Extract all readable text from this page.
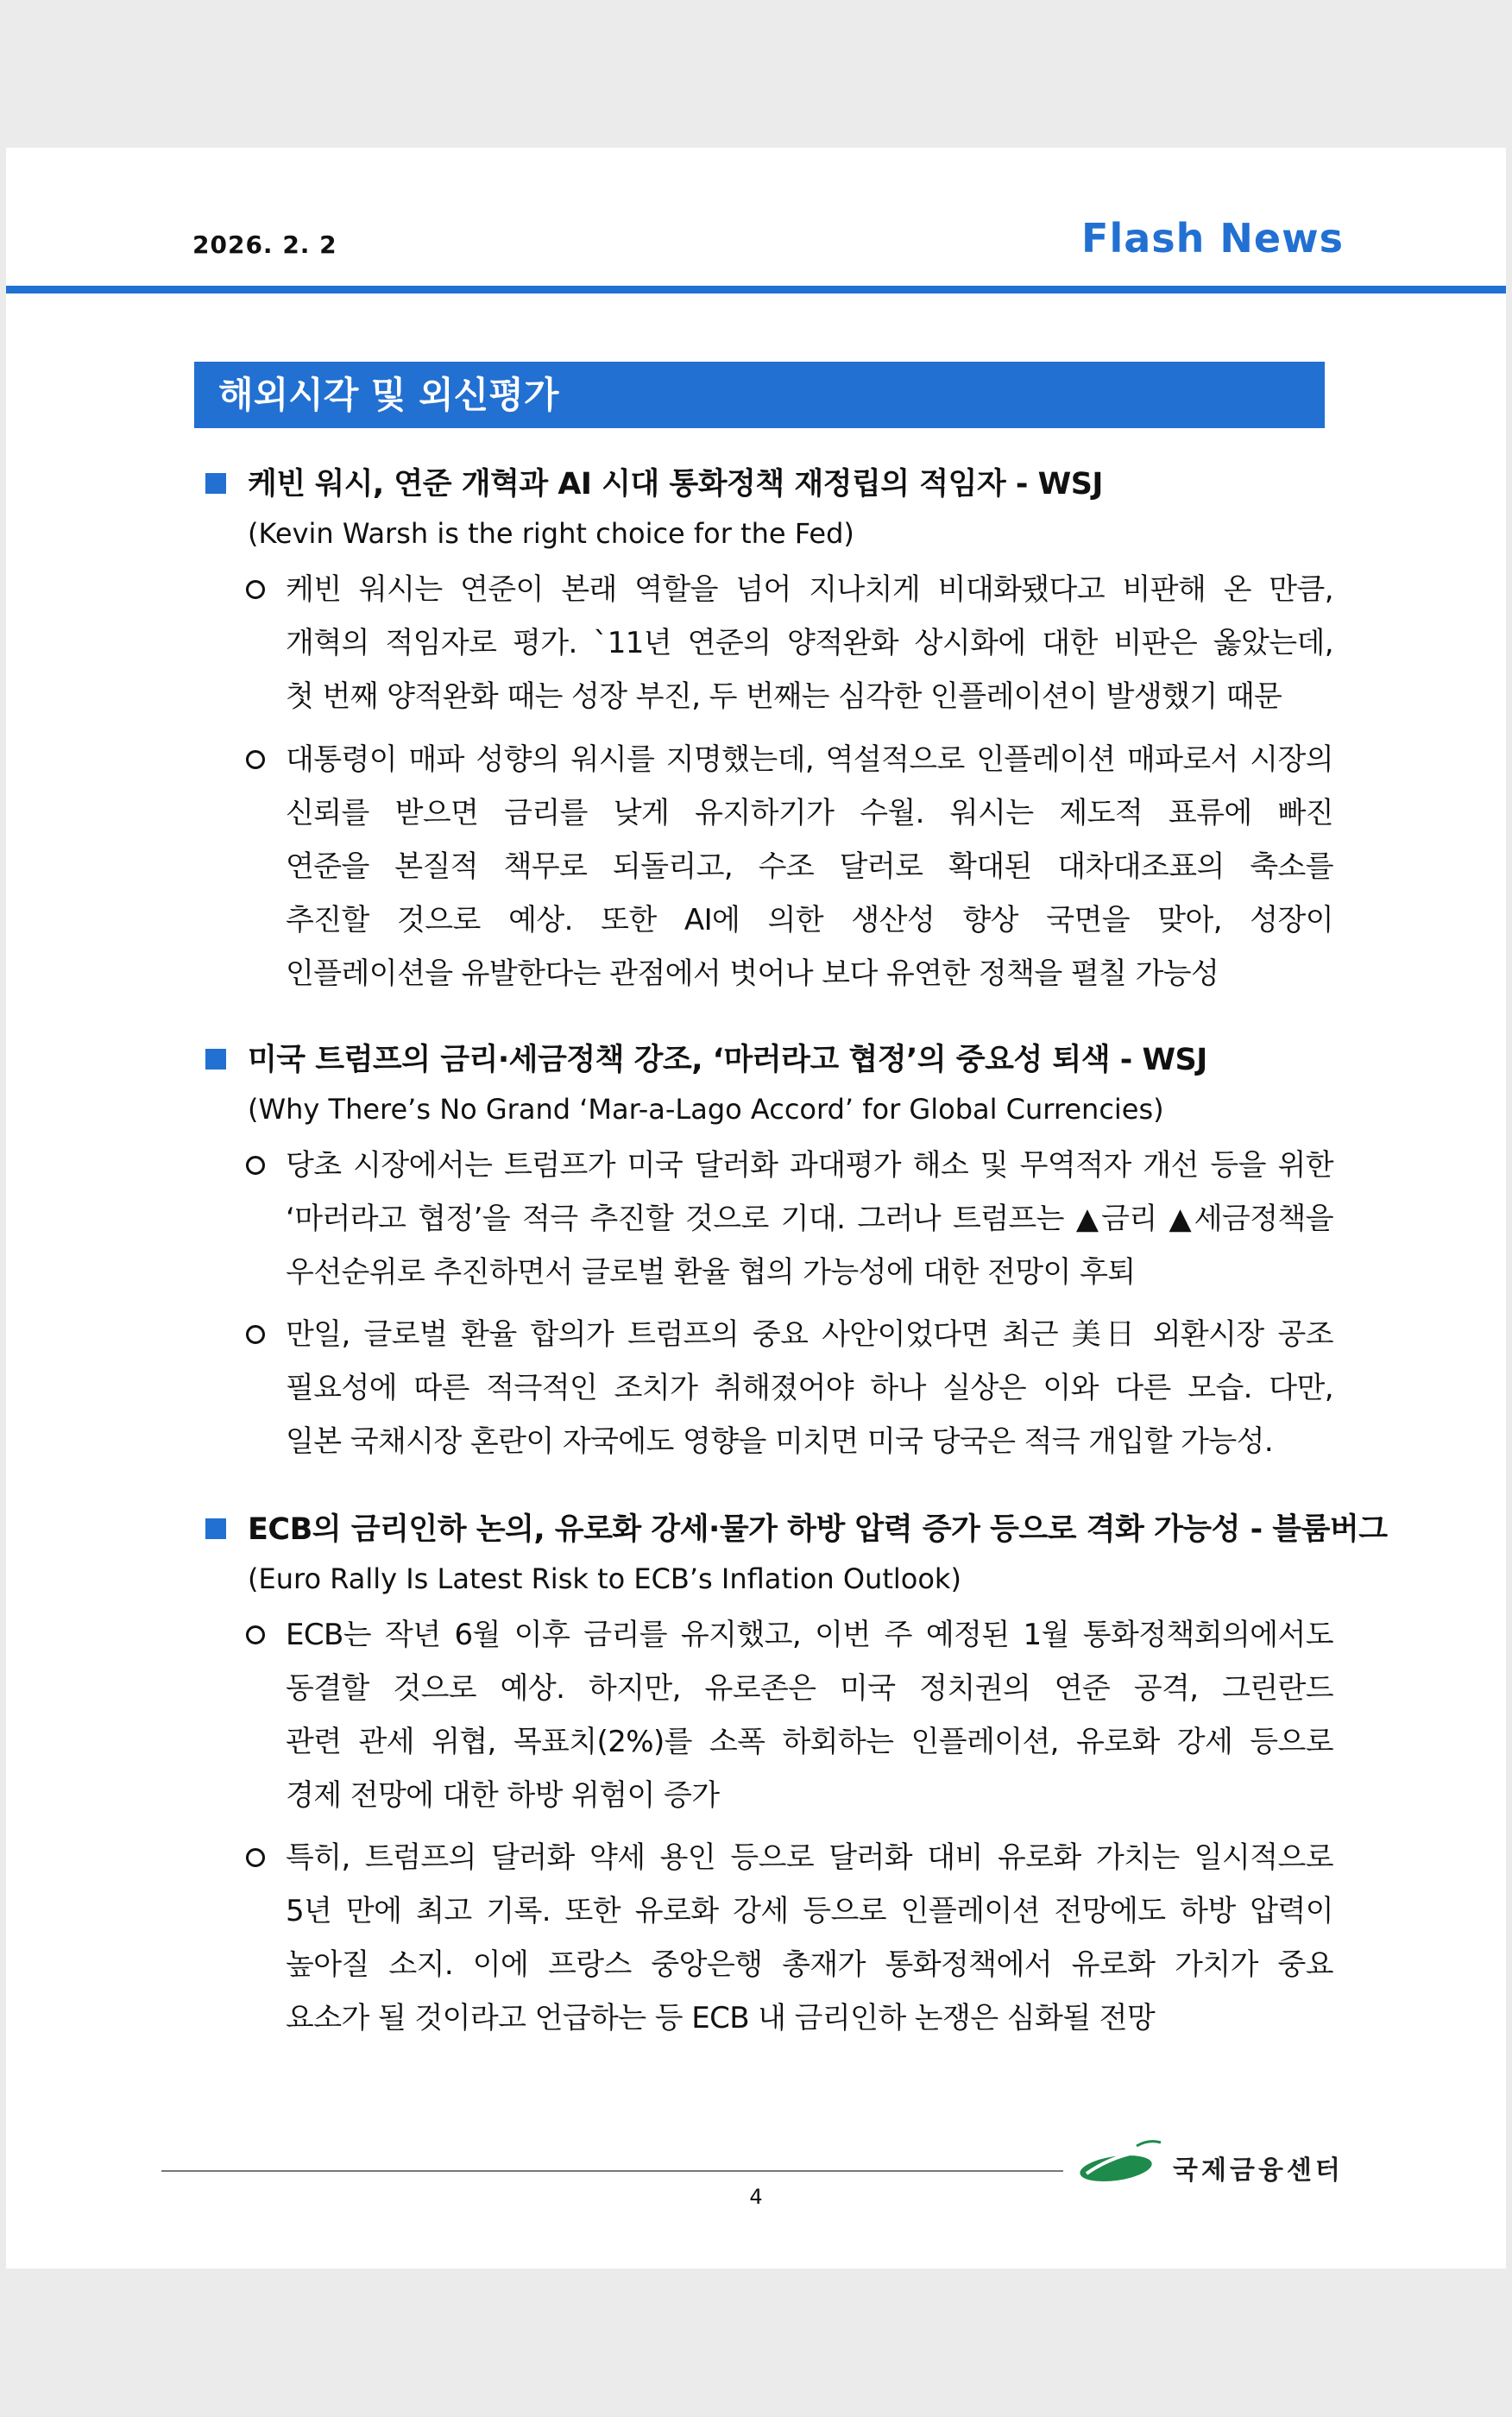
2026. 2. 2	Flash News
해외시각 및 외신평가
케빈 워시, 연준 개혁과 AI 시대 통화정책 재정립의 적임자 - WSJ
(Kevin Warsh is the right choice for the Fed)
케빈 워시는 연준이 본래 역할을 넘어 지나치게 비대화됐다고 비판해 온 만큼,
개혁의 적임자로 평가. `11년 연준의 양적완화 상시화에 대한 비판은 옳았는데,
첫 번째 양적완화 때는 성장 부진, 두 번째는 심각한 인플레이션이 발생했기 때문
대통령이 매파 성향의 워시를 지명했는데, 역설적으로 인플레이션 매파로서 시장의
신뢰를 받으면 금리를 낮게 유지하기가 수월. 워시는 제도적 표류에 빠진
연준을 본질적 책무로 되돌리고, 수조 달러로 확대된 대차대조표의 축소를
추진할 것으로 예상. 또한 AI에 의한 생산성 향상 국면을 맞아, 성장이
인플레이션을 유발한다는 관점에서 벗어나 보다 유연한 정책을 펼칠 가능성
미국 트럼프의 금리·세금정책 강조, ‘마러라고 협정’의 중요성 퇴색 - WSJ
(Why There’s No Grand ‘Mar-a-Lago Accord’ for Global Currencies)
당초 시장에서는 트럼프가 미국 달러화 과대평가 해소 및 무역적자 개선 등을 위한
‘마러라고 협정’을 적극 추진할 것으로 기대. 그러나 트럼프는 ▲금리 ▲세금정책을
우선순위로 추진하면서 글로벌 환율 협의 가능성에 대한 전망이 후퇴
만일, 글로벌 환율 합의가 트럼프의 중요 사안이었다면 최근 美日 외환시장 공조
필요성에 따른 적극적인 조치가 취해졌어야 하나 실상은 이와 다른 모습. 다만,
일본 국채시장 혼란이 자국에도 영향을 미치면 미국 당국은 적극 개입할 가능성.
ECB의 금리인하 논의, 유로화 강세·물가 하방 압력 증가 등으로 격화 가능성 - 블룸버그
(Euro Rally Is Latest Risk to ECB’s Inflation Outlook)
ECB는 작년 6월 이후 금리를 유지했고, 이번 주 예정된 1월 통화정책회의에서도
동결할 것으로 예상. 하지만, 유로존은 미국 정치권의 연준 공격, 그린란드
관련 관세 위협, 목표치(2%)를 소폭 하회하는 인플레이션, 유로화 강세 등으로
경제 전망에 대한 하방 위험이 증가
특히, 트럼프의 달러화 약세 용인 등으로 달러화 대비 유로화 가치는 일시적으로
5년 만에 최고 기록. 또한 유로화 강세 등으로 인플레이션 전망에도 하방 압력이
높아질 소지. 이에 프랑스 중앙은행 총재가 통화정책에서 유로화 가치가 중요
요소가 될 것이라고 언급하는 등 ECB 내 금리인하 논쟁은 심화될 전망
4
국제금융센터
